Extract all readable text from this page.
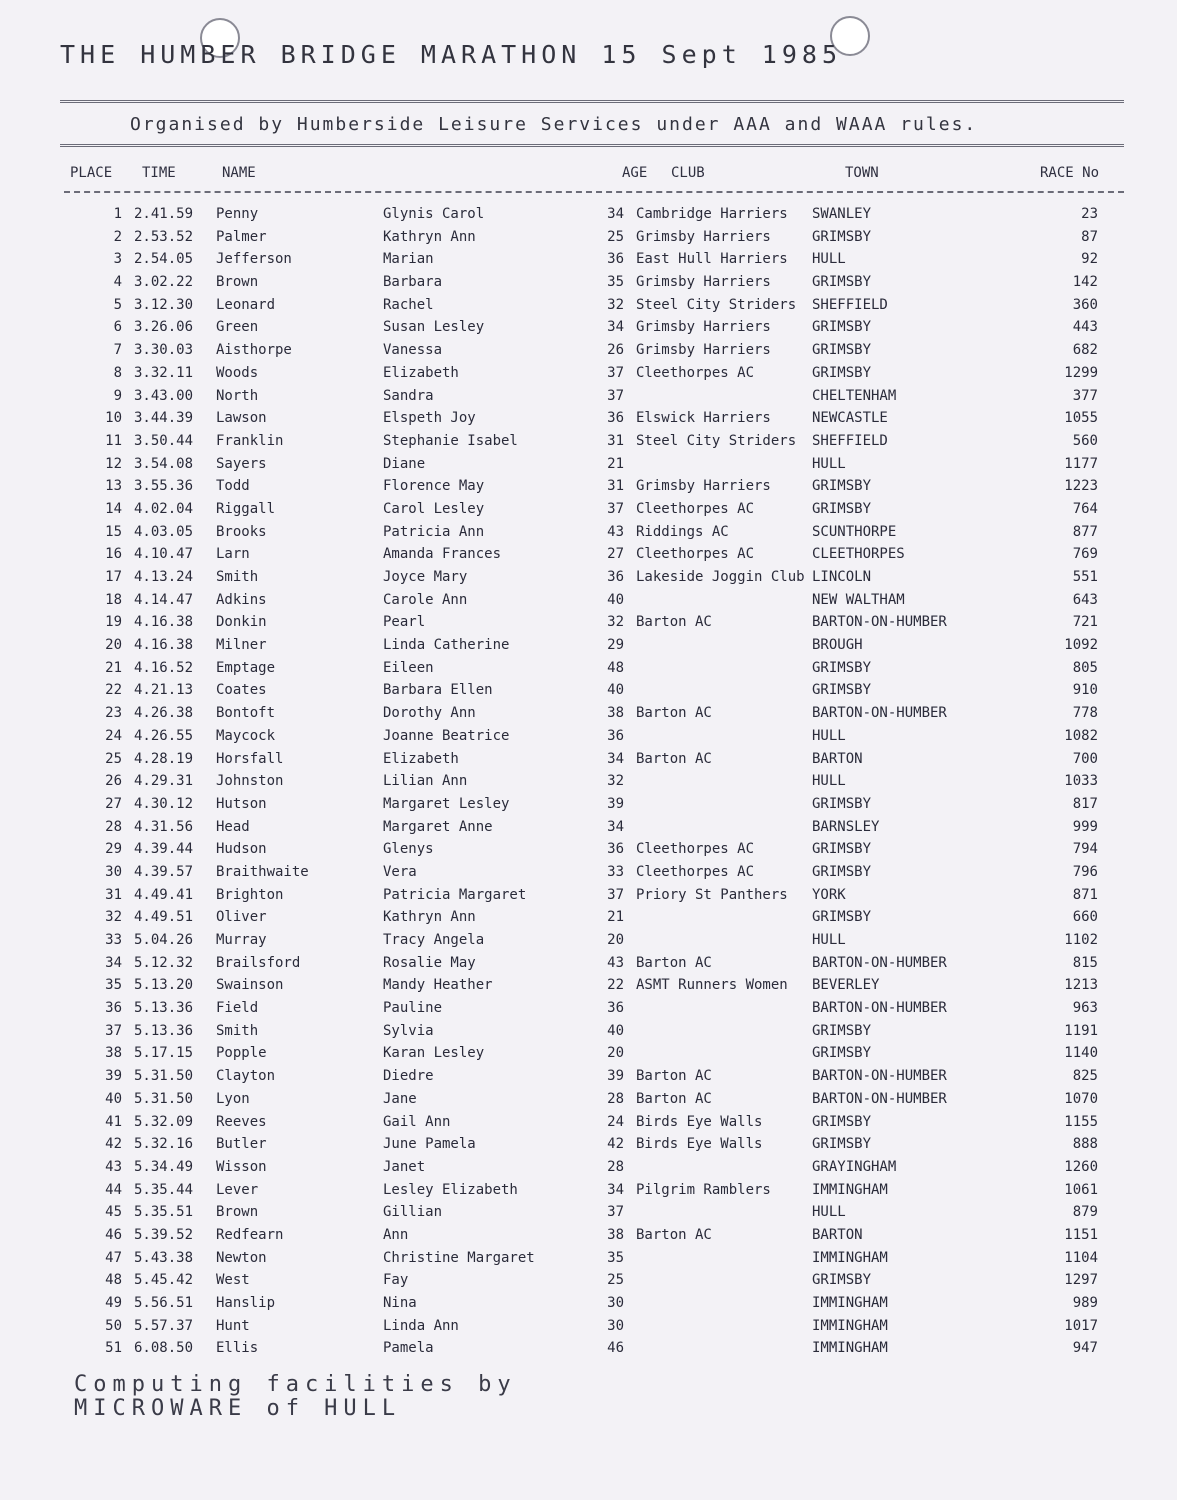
THE HUMBER BRIDGE MARATHON 15 Sept 1985
Organised by Humberside Leisure Services under AAA and WAAA rules.
PLACE TIME	NAME	AGE CLUB	TOWN	RACE No
1 2.41.59 Penny	Glynis Carol	34 Cambridge Harriers SWANLEY	23
2 2.53.52 Palmer	Kathryn Ann	25 Grimsby Harriers	GRIMSBY	87
3 2.54.05 Jefferson	Marian	36 East Hull Harriers HULL	92
4 3.02.22 Brown	Barbara	35 Grimsby Harriers	GRIMSBY	142
5 3.12.30 Leonard	Rachel	32 Steel City Striders SHEFFIELD	360
6 3.26.06 Green	Susan Lesley	34 Grimsby Harriers	GRIMSBY	443
7 3.30.03 Aisthorpe	Vanessa	26 Grimsby Harriers	GRIMSBY	682
8 3.32.11 Woods	Elizabeth	37 Cleethorpes AC	GRIMSBY	1299
9 3.43.00 North	Sandra	37	CHELTENHAM	377
10 3.44.39 Lawson	Elspeth Joy	36 Elswick Harriers	NEWCASTLE	1055
11 3.50.44 Franklin	Stephanie Isabel	31 Steel City Striders SHEFFIELD	560
12 3.54.08 Sayers	Diane	21	HULL	1177
13 3.55.36 Todd	Florence May	31 Grimsby Harriers	GRIMSBY	1223
14 4.02.04 Riggall	Carol Lesley	37 Cleethorpes AC	GRIMSBY	764
15 4.03.05 Brooks	Patricia Ann	43 Riddings AC	SCUNTHORPE	877
16 4.10.47 Larn	Amanda Frances	27 Cleethorpes AC	CLEETHORPES	769
17 4.13.24 Smith	Joyce Mary	36 Lakeside Joggin Club LINCOLN	551
18 4.14.47 Adkins	Carole Ann	40	NEW WALTHAM	643
19 4.16.38 Donkin	Pearl	32 Barton AC	BARTON-ON-HUMBER	721
20 4.16.38 Milner	Linda Catherine	29	BROUGH	1092
21 4.16.52 Emptage	Eileen	48	GRIMSBY	805
22 4.21.13 Coates	Barbara Ellen	40	GRIMSBY	910
23 4.26.38 Bontoft	Dorothy Ann	38 Barton AC	BARTON-ON-HUMBER	778
24 4.26.55 Maycock	Joanne Beatrice	36	HULL	1082
25 4.28.19 Horsfall	Elizabeth	34 Barton AC	BARTON	700
26 4.29.31 Johnston	Lilian Ann	32	HULL	1033
27 4.30.12 Hutson	Margaret Lesley	39	GRIMSBY	817
28 4.31.56 Head	Margaret Anne	34	BARNSLEY	999
29 4.39.44 Hudson	Glenys	36 Cleethorpes AC	GRIMSBY	794
30 4.39.57 Braithwaite	Vera	33 Cleethorpes AC	GRIMSBY	796
31 4.49.41 Brighton	Patricia Margaret	37 Priory St Panthers YORK	871
32 4.49.51 Oliver	Kathryn Ann	21	GRIMSBY	660
33 5.04.26 Murray	Tracy Angela	20	HULL	1102
34 5.12.32 Brailsford	Rosalie May	43 Barton AC	BARTON-ON-HUMBER	815
35 5.13.20 Swainson	Mandy Heather	22 ASMT Runners Women BEVERLEY	1213
36 5.13.36 Field	Pauline	36	BARTON-ON-HUMBER	963
37 5.13.36 Smith	Sylvia	40	GRIMSBY	1191
38 5.17.15 Popple	Karan Lesley	20	GRIMSBY	1140
39 5.31.50 Clayton	Diedre	39 Barton AC	BARTON-ON-HUMBER	825
40 5.31.50 Lyon	Jane	28 Barton AC	BARTON-ON-HUMBER	1070
41 5.32.09 Reeves	Gail Ann	24 Birds Eye Walls	GRIMSBY	1155
42 5.32.16 Butler	June Pamela	42 Birds Eye Walls	GRIMSBY	888
43 5.34.49 Wisson	Janet	28	GRAYINGHAM	1260
44 5.35.44 Lever	Lesley Elizabeth	34 Pilgrim Ramblers	IMMINGHAM	1061
45 5.35.51 Brown	Gillian	37	HULL	879
46 5.39.52 Redfearn	Ann	38 Barton AC	BARTON	1151
47 5.43.38 Newton	Christine Margaret	35	IMMINGHAM	1104
48 5.45.42 West	Fay	25	GRIMSBY	1297
49 5.56.51 Hanslip	Nina	30	IMMINGHAM	989
50 5.57.37 Hunt	Linda Ann	30	IMMINGHAM	1017
51 6.08.50 Ellis	Pamela	46	IMMINGHAM	947
Computing facilities by
MICROWARE of HULL
